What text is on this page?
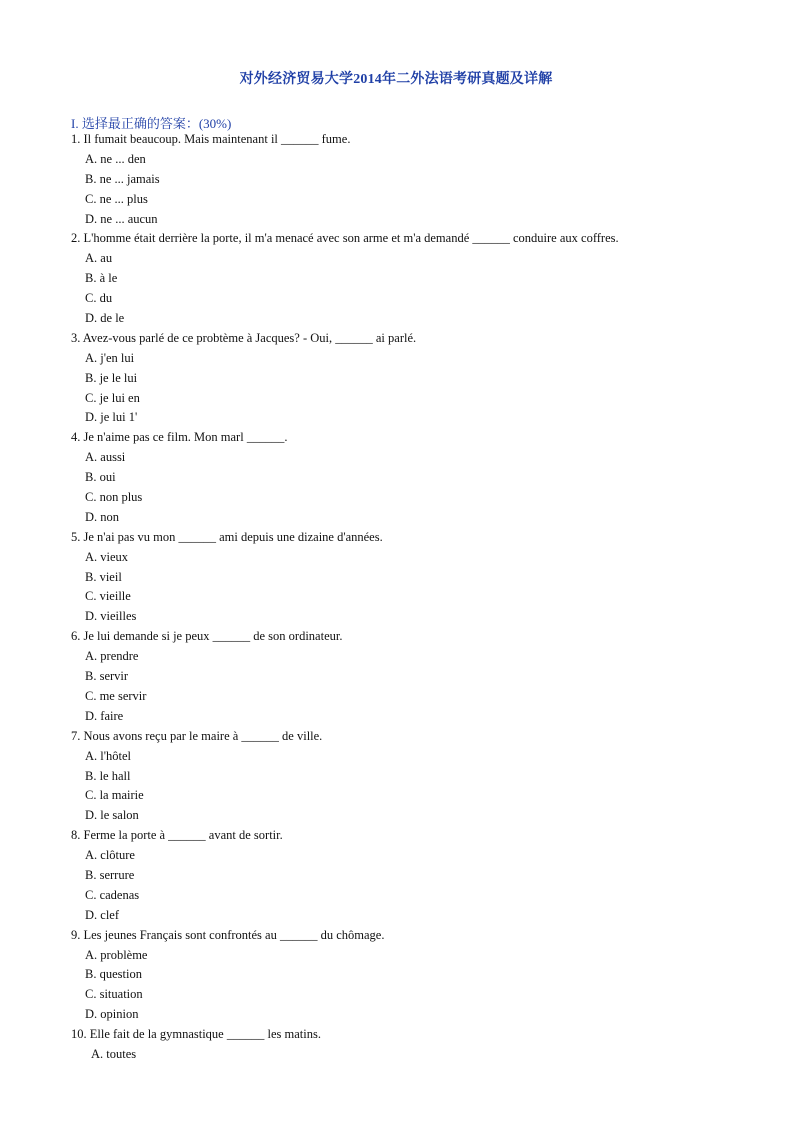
对外经济贸易大学2014年二外法语考研真题及详解
I. 选择最正确的答案：(30%)
1. Il fumait beaucoup. Mais maintenant il ______ fume.
A. ne ... den
B. ne ... jamais
C. ne ... plus
D. ne ... aucun
2. L'homme était derrière la porte, il m'a menacé avec son arme et m'a demandé ______ conduire aux coffres.
A. au
B. à le
C. du
D. de le
3. Avez-vous parlé de ce probtème à Jacques? - Oui, ______ ai parlé.
A. j'en lui
B. je le lui
C. je lui en
D. je lui 1'
4. Je n'aime pas ce film. Mon marl ______.
A. aussi
B. oui
C. non plus
D. non
5. Je n'ai pas vu mon ______ ami depuis une dizaine d'années.
A. vieux
B. vieil
C. vieille
D. vieilles
6. Je lui demande si je peux ______ de son ordinateur.
A. prendre
B. servir
C. me servir
D. faire
7. Nous avons reçu par le maire à ______ de ville.
A. l'hôtel
B. le hall
C. la mairie
D. le salon
8. Ferme la porte à ______ avant de sortir.
A. clôture
B. serrure
C. cadenas
D. clef
9. Les jeunes Français sont confrontés au ______ du chômage.
A. problème
B. question
C. situation
D. opinion
10. Elle fait de la gymnastique ______ les matins.
A. toutes
